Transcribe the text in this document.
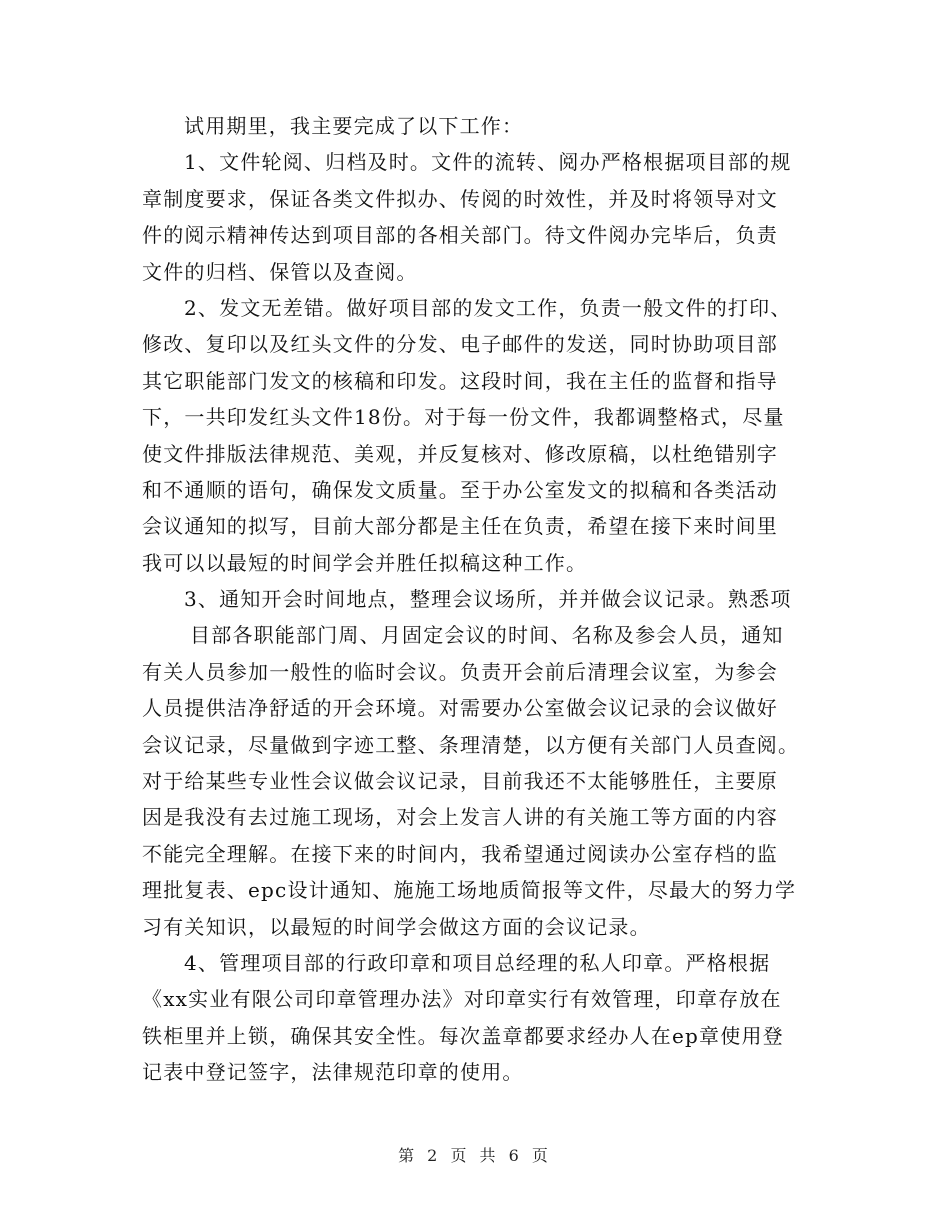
试用期里，我主要完成了以下工作：
1、文件轮阅、归档及时。文件的流转、阅办严格根据项目部的规
章制度要求，保证各类文件拟办、传阅的时效性，并及时将领导对文
件的阅示精神传达到项目部的各相关部门。待文件阅办完毕后，负责
文件的归档、保管以及查阅。
2、发文无差错。做好项目部的发文工作，负责一般文件的打印、
修改、复印以及红头文件的分发、电子邮件的发送，同时协助项目部
其它职能部门发文的核稿和印发。这段时间，我在主任的监督和指导
下，一共印发红头文件18份。对于每一份文件，我都调整格式，尽量
使文件排版法律规范、美观，并反复核对、修改原稿，以杜绝错别字
和不通顺的语句，确保发文质量。至于办公室发文的拟稿和各类活动
会议通知的拟写，目前大部分都是主任在负责，希望在接下来时间里
我可以以最短的时间学会并胜任拟稿这种工作。
3、通知开会时间地点，整理会议场所，并并做会议记录。熟悉项
目部各职能部门周、月固定会议的时间、名称及参会人员，通知
有关人员参加一般性的临时会议。负责开会前后清理会议室，为参会
人员提供洁净舒适的开会环境。对需要办公室做会议记录的会议做好
会议记录，尽量做到字迹工整、条理清楚，以方便有关部门人员查阅。
对于给某些专业性会议做会议记录，目前我还不太能够胜任，主要原
因是我没有去过施工现场，对会上发言人讲的有关施工等方面的内容
不能完全理解。在接下来的时间内，我希望通过阅读办公室存档的监
理批复表、epc设计通知、施施工场地质简报等文件，尽最大的努力学
习有关知识，以最短的时间学会做这方面的会议记录。
4、管理项目部的行政印章和项目总经理的私人印章。严格根据
《xx实业有限公司印章管理办法》对印章实行有效管理，印章存放在
铁柜里并上锁，确保其安全性。每次盖章都要求经办人在ep章使用登
记表中登记签字，法律规范印章的使用。
第 2 页 共 6 页
